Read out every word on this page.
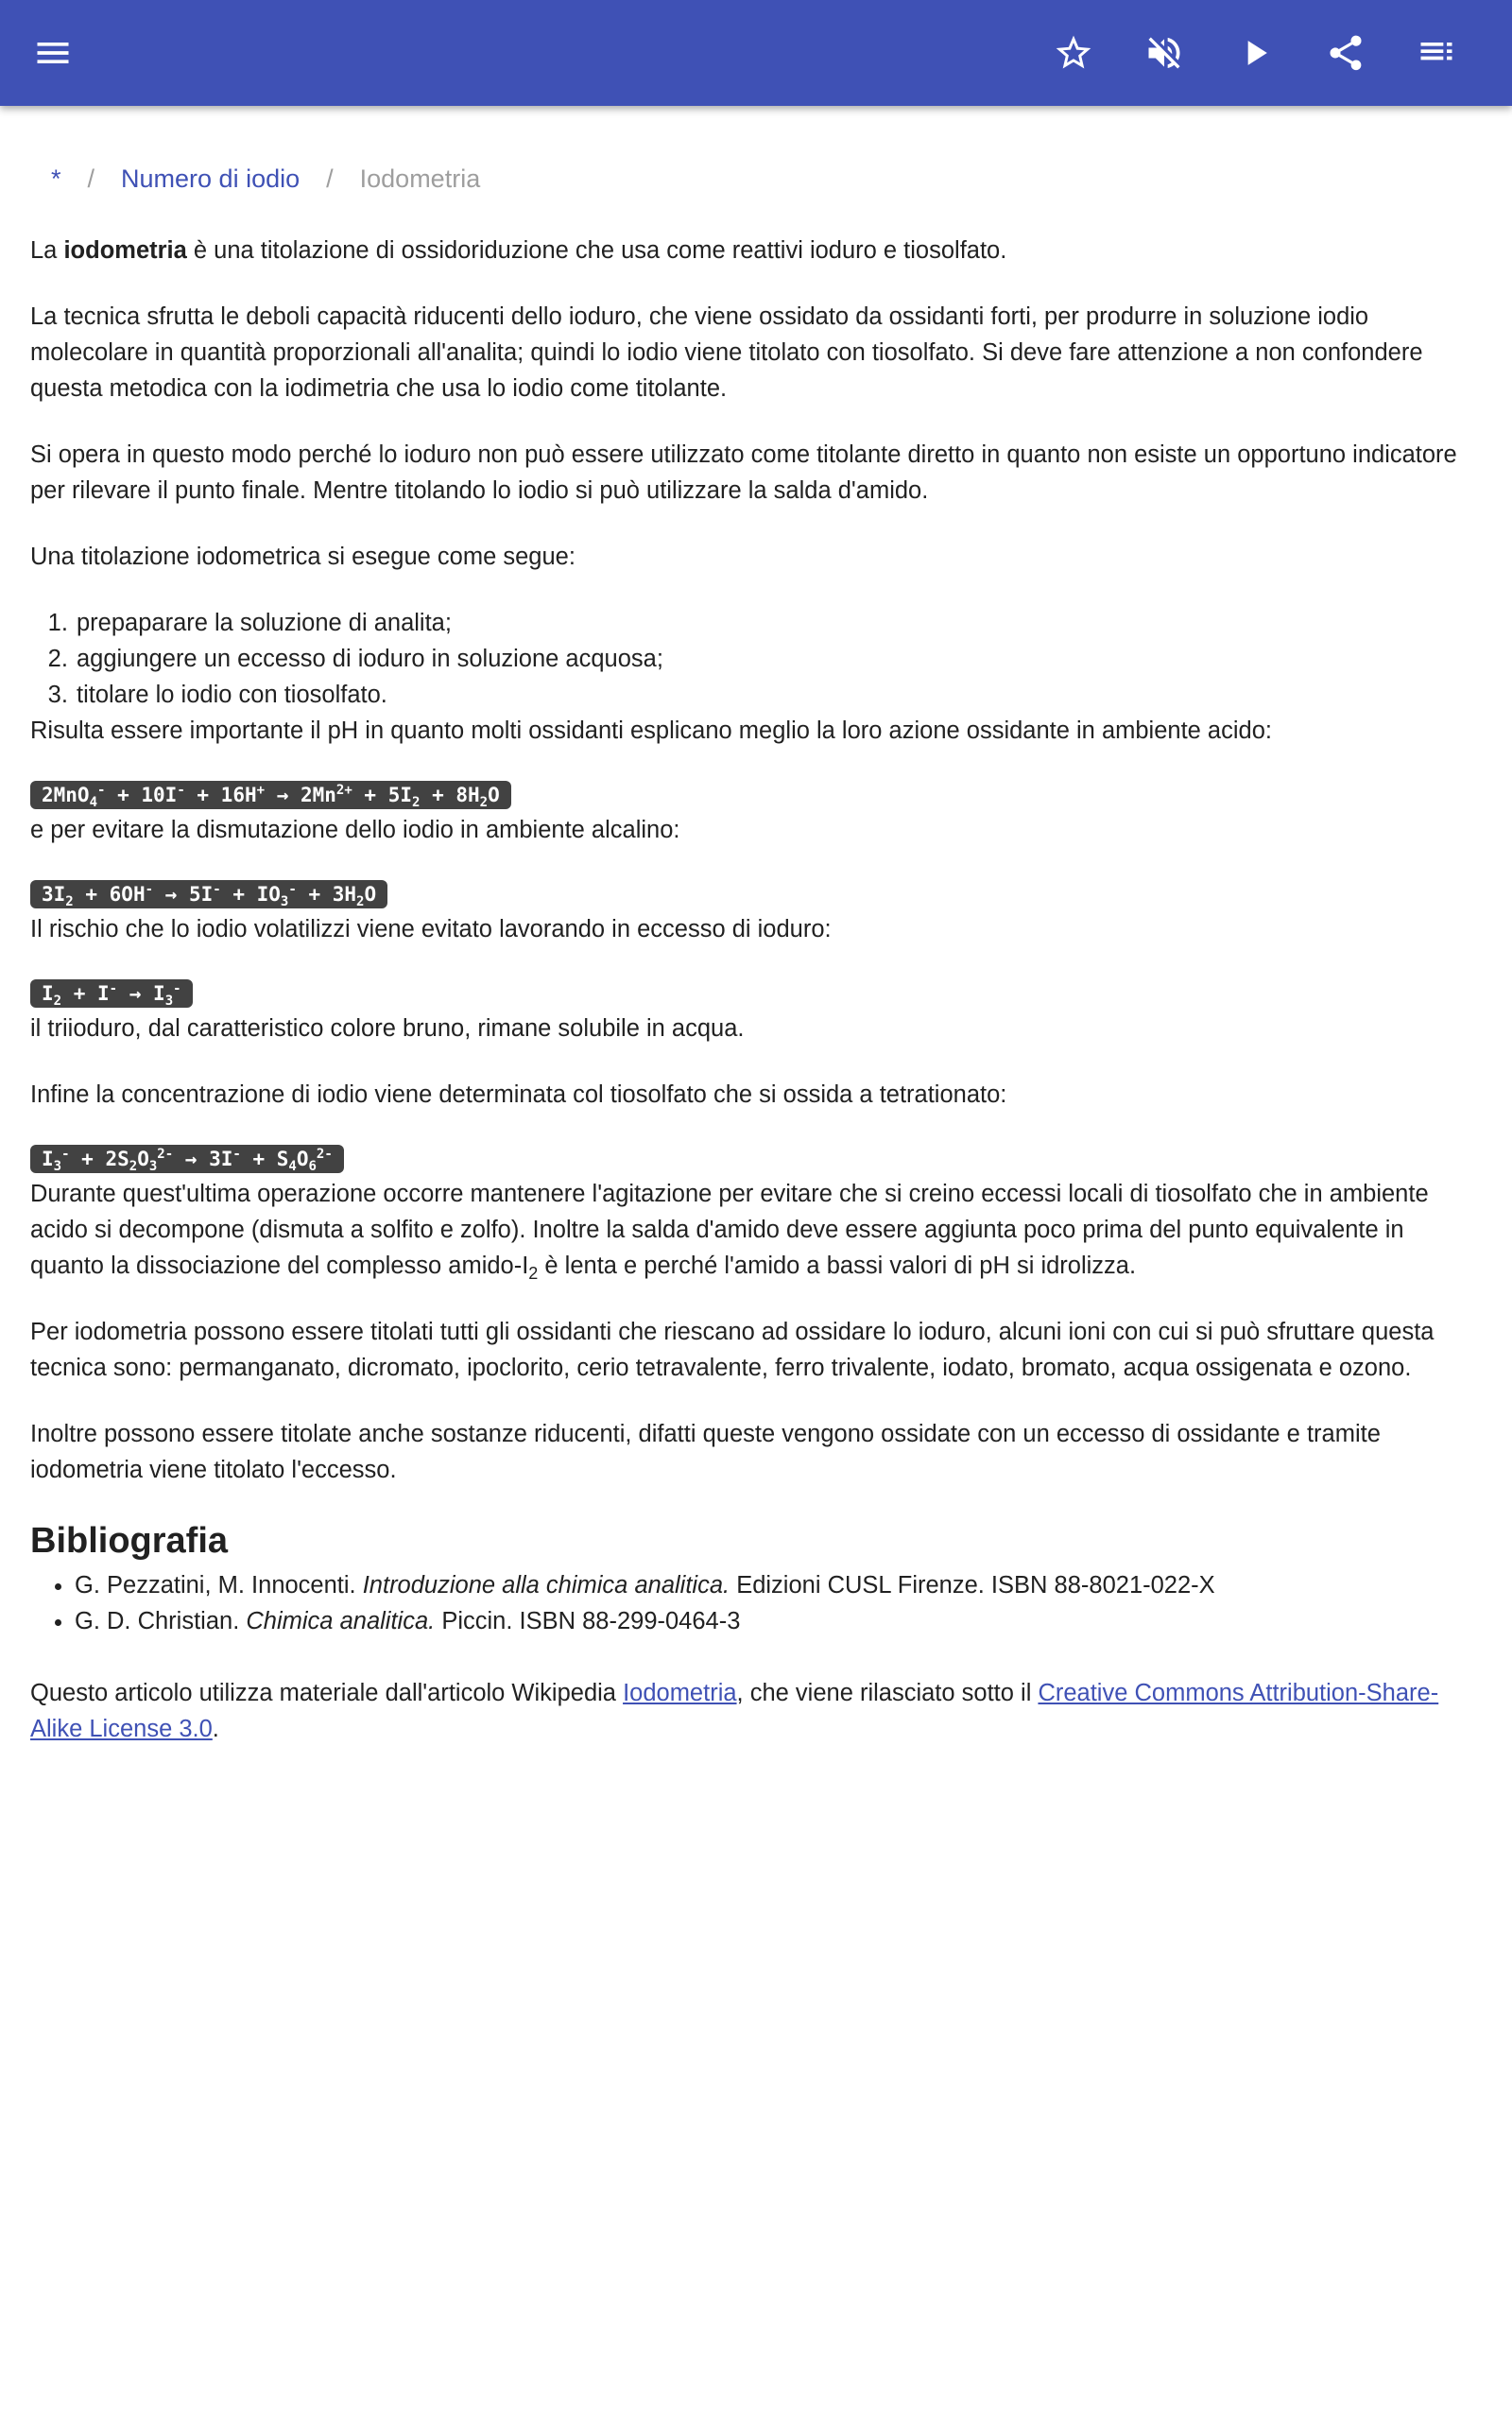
* / Numero di iodio / Iodometria

La iodometria è una titolazione di ossidoriduzione che usa come reattivi ioduro e tiosolfato.

La tecnica sfrutta le deboli capacità riducenti dello ioduro, che viene ossidato da ossidanti forti, per produrre in soluzione iodio molecolare in quantità proporzionali all'analita; quindi lo iodio viene titolato con tiosolfato. Si deve fare attenzione a non confondere questa metodica con la iodimetria che usa lo iodio come titolante.

Si opera in questo modo perché lo ioduro non può essere utilizzato come titolante diretto in quanto non esiste un opportuno indicatore per rilevare il punto finale. Mentre titolando lo iodio si può utilizzare la salda d'amido.

Una titolazione iodometrica si esegue come segue:

1. prepaparare la soluzione di analita;
2. aggiungere un eccesso di ioduro in soluzione acquosa;
3. titolare lo iodio con tiosolfato.
Risulta essere importante il pH in quanto molti ossidanti esplicano meglio la loro azione ossidante in ambiente acido:
$2MnO_4^- + 10I^- + 16H^+ \to 2Mn^{2+} + 5I_2 + 8H_2O$
e per evitare la dismutazione dello iodio in ambiente alcalino:
$3I_2 + 6OH^- \to 5I^- + IO_3^- + 3H_2O$
Il rischio che lo iodio volatilizzi viene evitato lavorando in eccesso di ioduro:
$I_2 + I^- \to I_3^-$
il triioduro, dal caratteristico colore bruno, rimane solubile in acqua.
Infine la concentrazione di iodio viene determinata col tiosolfato che si ossida a tetrationato:
$I_3^- + 2S_2O_3^{2-} \to 3I^- + S_4O_6^{2-}$

Durante quest'ultima operazione occorre mantenere l'agitazione per evitare che si creino eccessi locali di tiosolfato che in ambiente acido si decompone (dismuta a solfito e zolfo). Inoltre la salda d'amido deve essere aggiunta poco prima del punto equivalente in quanto la dissociazione del complesso amido-$I_2$ è lenta e perché l'amido a bassi valori di pH si idrolizza.

Per iodometria possono essere titolati tutti gli ossidanti che riescano ad ossidare lo ioduro, alcuni ioni con cui si può sfruttare questa tecnica sono: permanganato, dicromato, ipoclorito, cerio tetravalente, ferro trivalente, iodato, bromato, acqua ossigenata e ozono.

Inoltre possono essere titolate anche sostanze riducenti, difatti queste vengono ossidate con un eccesso di ossidante e tramite iodometria viene titolato l'eccesso.

Bibliografia
• G. Pezzatini, M. Innocenti. Introduzione alla chimica analitica. Edizioni CUSL Firenze. ISBN 88-8021-022-X
• G. D. Christian. Chimica analitica. Piccin. ISBN 88-299-0464-3

Questo articolo utilizza materiale dall'articolo Wikipedia Iodometria, che viene rilasciato sotto il Creative Commons Attribution-Share-Alike License 3.0.
